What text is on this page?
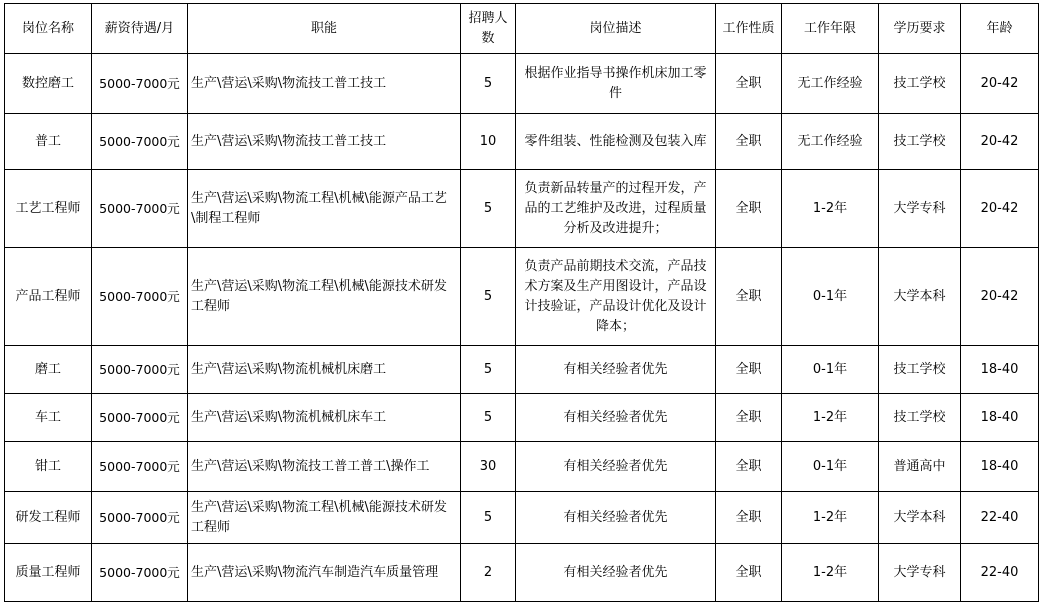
岗位名称	薪资待遇/月	职能	招聘人数	岗位描述	工作性质	工作年限	学历要求	年龄
数控磨工	5000-7000元	生产\营运\采购\物流技工普工技工	5	根据作业指导书操作机床加工零件	全职	无工作经验	技工学校	20-42
普工	5000-7000元	生产\营运\采购\物流技工普工技工	10	零件组装、性能检测及包装入库	全职	无工作经验	技工学校	20-42
工艺工程师	5000-7000元	生产\营运\采购\物流工程\机械\能源产品工艺\制程工程师	5	负责新品转量产的过程开发，产品的工艺维护及改进，过程质量分析及改进提升；	全职	1-2年	大学专科	20-42
产品工程师	5000-7000元	生产\营运\采购\物流工程\机械\能源技术研发工程师	5	负责产品前期技术交流，产品技术方案及生产用图设计，产品设计技验证，产品设计优化及设计降本；	全职	0-1年	大学本科	20-42
磨工	5000-7000元	生产\营运\采购\物流机械机床磨工	5	有相关经验者优先	全职	0-1年	技工学校	18-40
车工	5000-7000元	生产\营运\采购\物流机械机床车工	5	有相关经验者优先	全职	1-2年	技工学校	18-40
钳工	5000-7000元	生产\营运\采购\物流技工普工普工\操作工	30	有相关经验者优先	全职	0-1年	普通高中	18-40
研发工程师	5000-7000元	生产\营运\采购\物流工程\机械\能源技术研发工程师	5	有相关经验者优先	全职	1-2年	大学本科	22-40
质量工程师	5000-7000元	生产\营运\采购\物流汽车制造汽车质量管理	2	有相关经验者优先	全职	1-2年	大学专科	22-40
